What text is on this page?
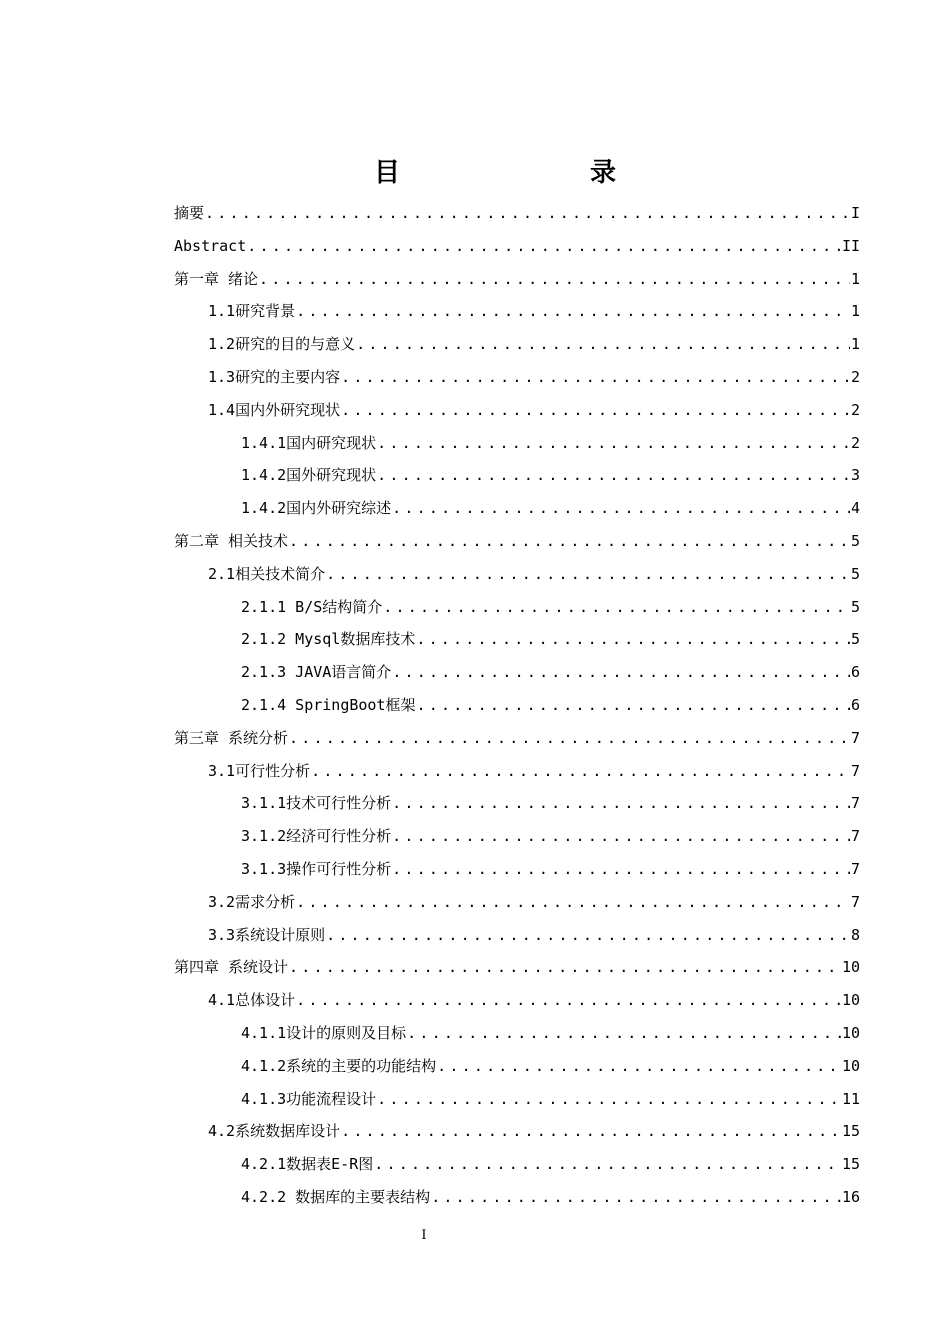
目　　录
摘要 .....	I
Abstract .....	II
第一章 绪论 .....	1
1.1研究背景 .....	1
1.2研究的目的与意义 .....	1
1.3研究的主要内容 .....	2
1.4国内外研究现状 .....	2
1.4.1国内研究现状 .....	2
1.4.2国外研究现状 .....	3
1.4.2国内外研究综述 .....	4
第二章 相关技术 .....	5
2.1相关技术简介 .....	5
2.1.1 B/S结构简介 .....	5
2.1.2 Mysql数据库技术 .....	5
2.1.3 JAVA语言简介 .....	6
2.1.4 SpringBoot框架 .....	6
第三章 系统分析 .....	7
3.1可行性分析 .....	7
3.1.1技术可行性分析 .....	7
3.1.2经济可行性分析 .....	7
3.1.3操作可行性分析 .....	7
3.2需求分析 .....	7
3.3系统设计原则 .....	8
第四章 系统设计 .....	10
4.1总体设计 .....	10
4.1.1设计的原则及目标 .....	10
4.1.2系统的主要的功能结构 .....	10
4.1.3功能流程设计 .....	11
4.2系统数据库设计 .....	15
4.2.1数据表E-R图 .....	15
4.2.2 数据库的主要表结构 .....	16
I
